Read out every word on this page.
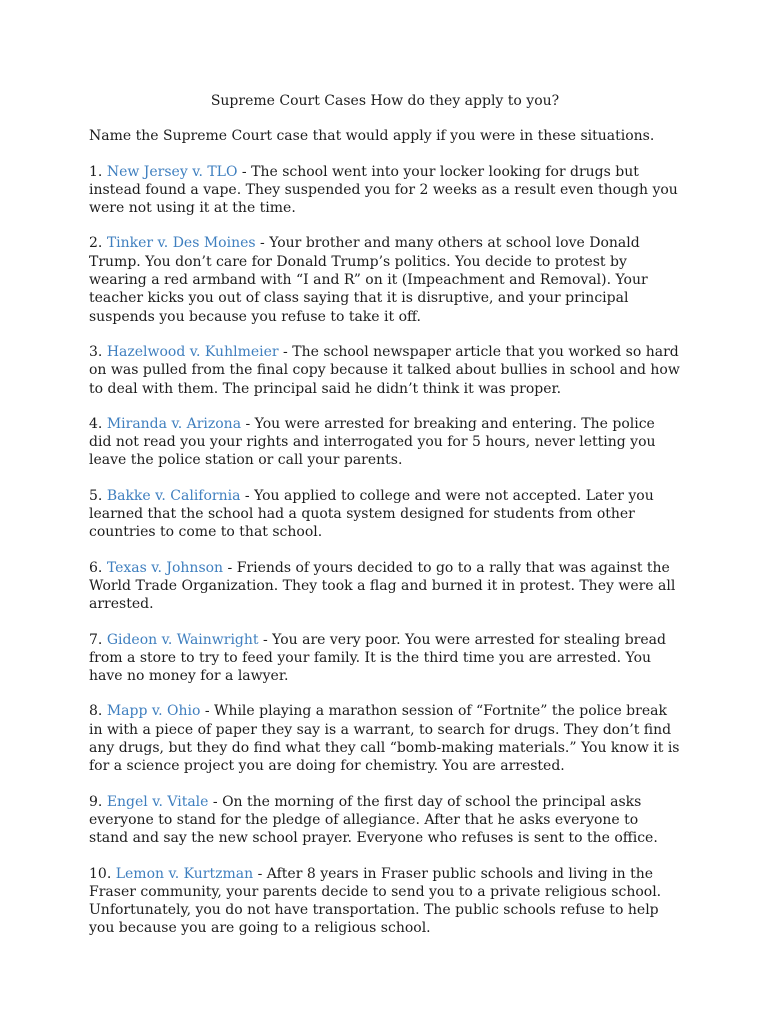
Supreme Court Cases How do they apply to you?

Name the Supreme Court case that would apply if you were in these situations.

1. New Jersey v. TLO - The school went into your locker looking for drugs but instead found a vape. They suspended you for 2 weeks as a result even though you were not using it at the time.

2. Tinker v. Des Moines - Your brother and many others at school love Donald Trump. You don’t care for Donald Trump’s politics. You decide to protest by wearing a red armband with “I and R” on it (Impeachment and Removal). Your teacher kicks you out of class saying that it is disruptive, and your principal suspends you because you refuse to take it off.

3. Hazelwood v. Kuhlmeier - The school newspaper article that you worked so hard on was pulled from the final copy because it talked about bullies in school and how to deal with them. The principal said he didn’t think it was proper.

4. Miranda v. Arizona - You were arrested for breaking and entering. The police did not read you your rights and interrogated you for 5 hours, never letting you leave the police station or call your parents.

5. Bakke v. California - You applied to college and were not accepted. Later you learned that the school had a quota system designed for students from other countries to come to that school.

6. Texas v. Johnson - Friends of yours decided to go to a rally that was against the World Trade Organization. They took a flag and burned it in protest. They were all arrested.

7. Gideon v. Wainwright - You are very poor. You were arrested for stealing bread from a store to try to feed your family. It is the third time you are arrested. You have no money for a lawyer.

8. Mapp v. Ohio - While playing a marathon session of “Fortnite” the police break in with a piece of paper they say is a warrant, to search for drugs. They don’t find any drugs, but they do find what they call “bomb-making materials.” You know it is for a science project you are doing for chemistry. You are arrested.

9. Engel v. Vitale - On the morning of the first day of school the principal asks everyone to stand for the pledge of allegiance. After that he asks everyone to stand and say the new school prayer. Everyone who refuses is sent to the office.

10. Lemon v. Kurtzman - After 8 years in Fraser public schools and living in the Fraser community, your parents decide to send you to a private religious school. Unfortunately, you do not have transportation. The public schools refuse to help you because you are going to a religious school.
